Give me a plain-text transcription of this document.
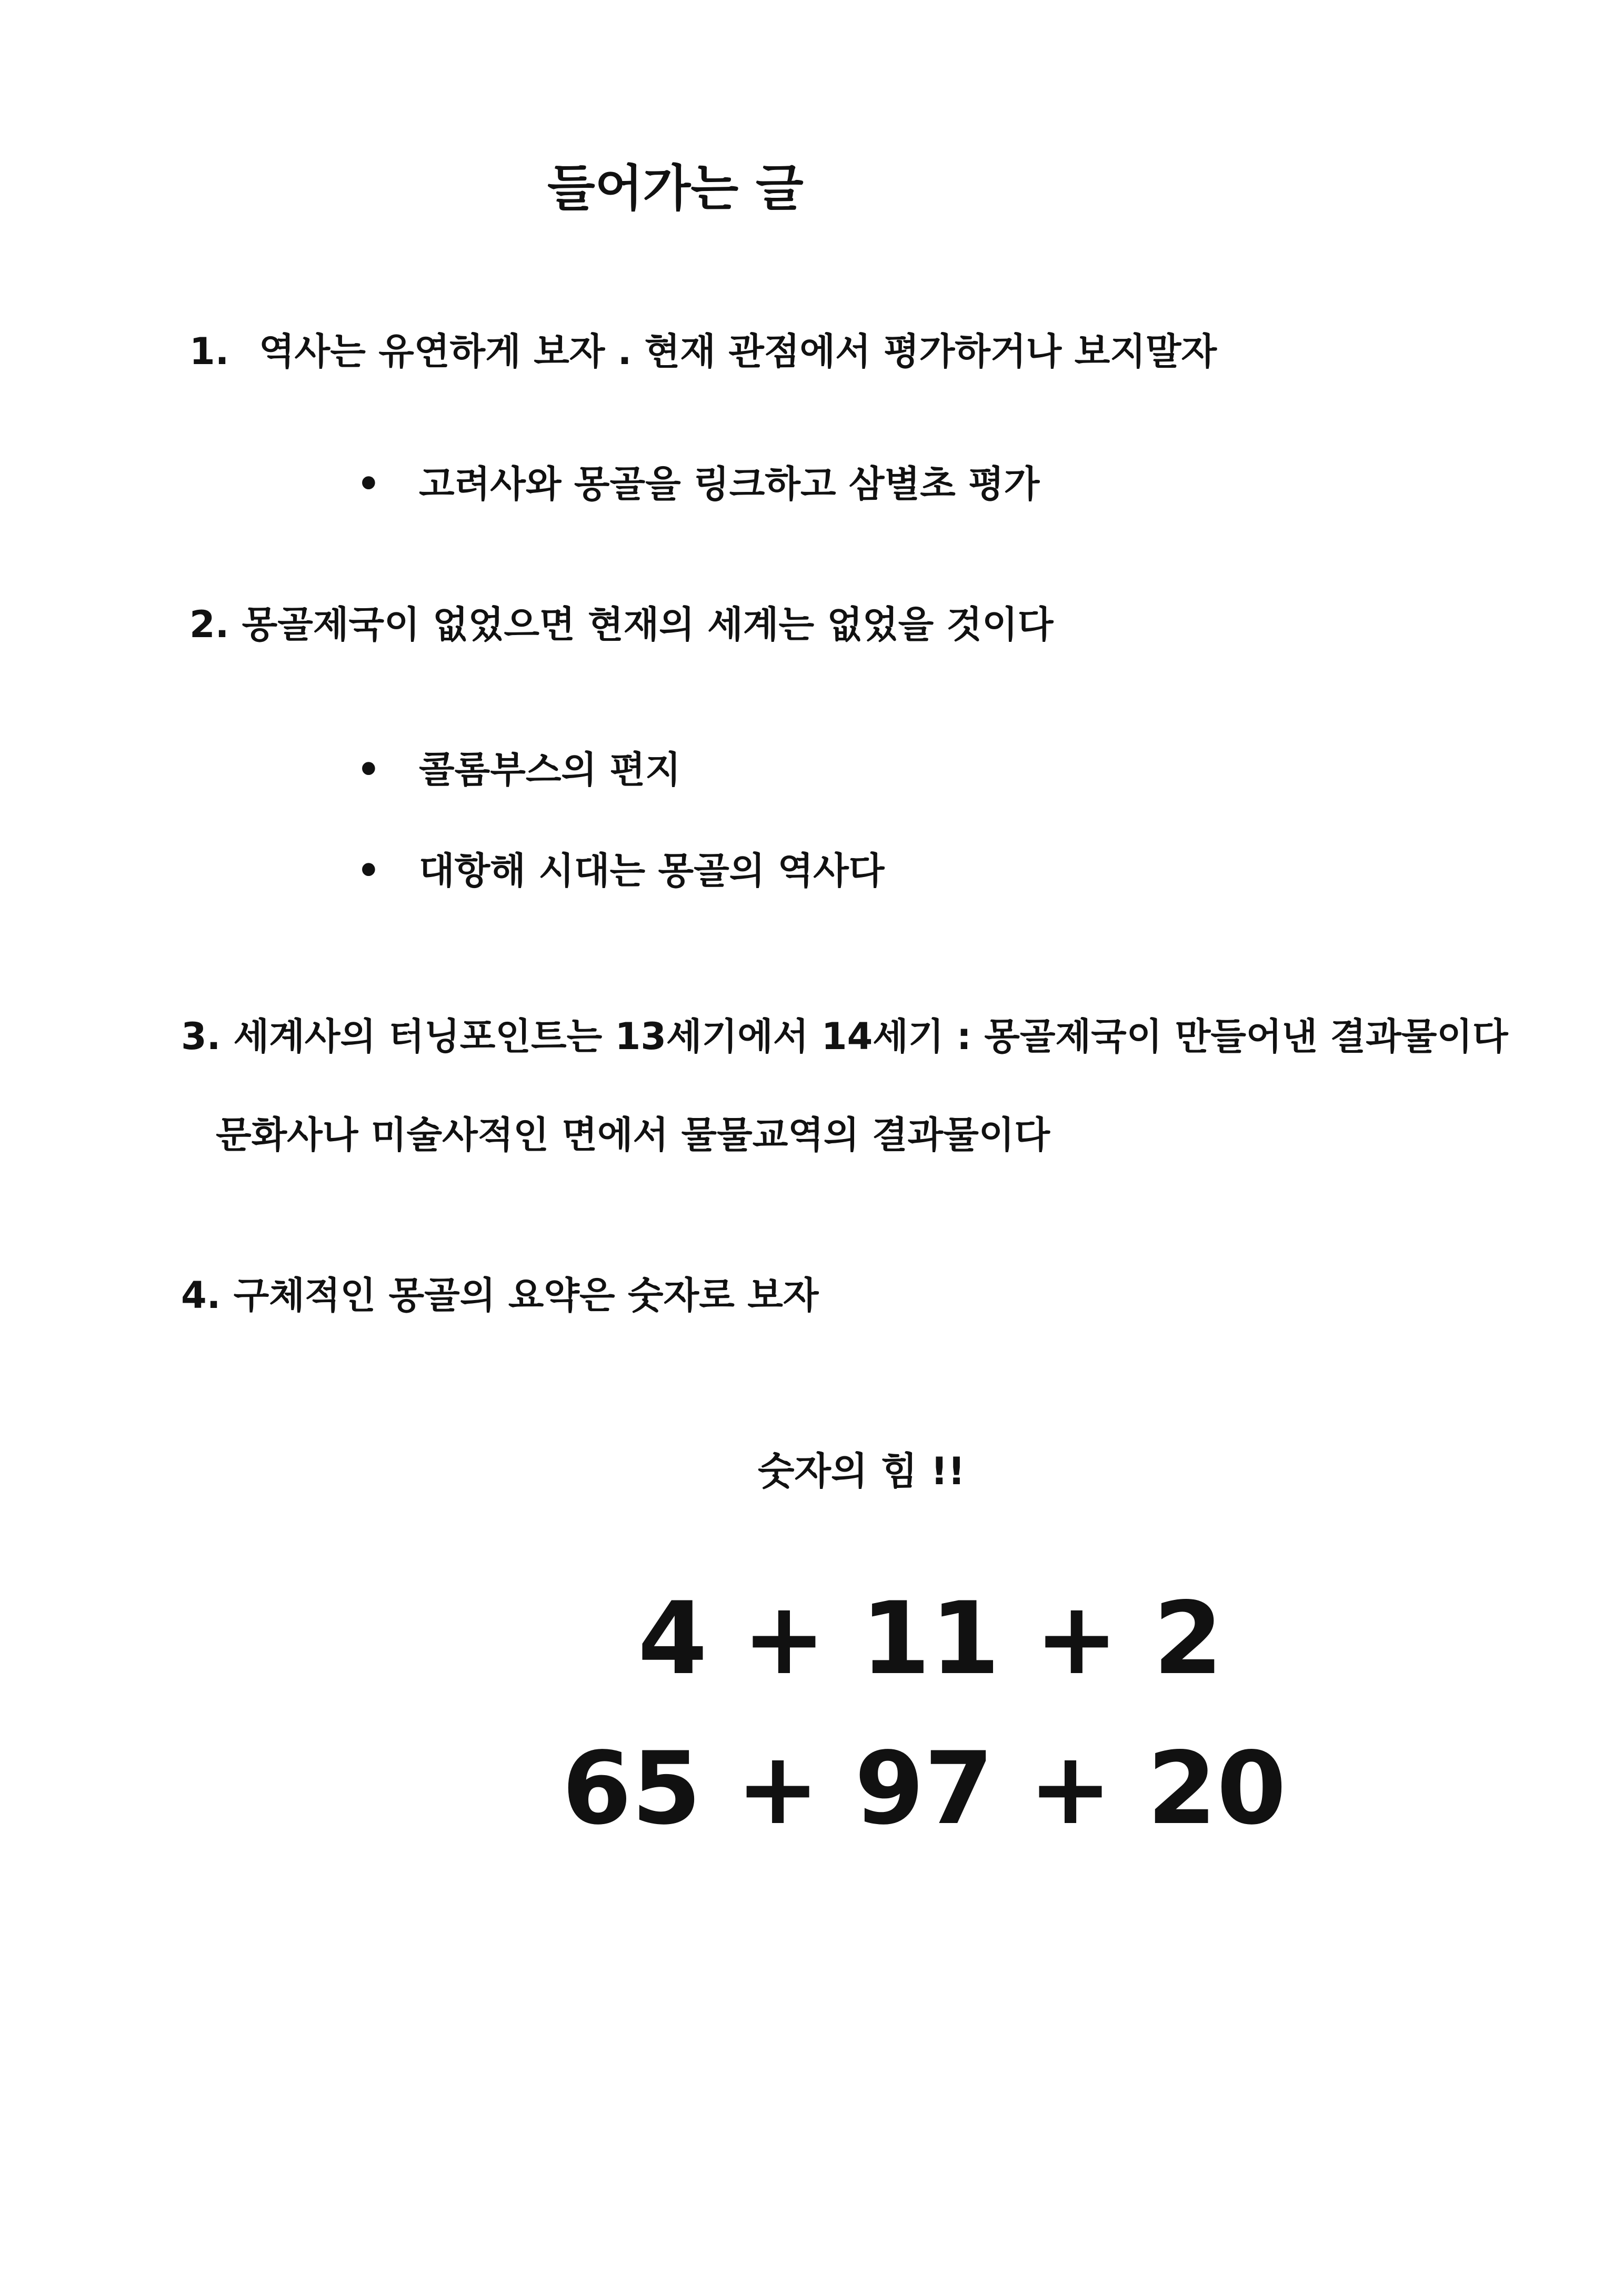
들어가는 글
1. 역사는 유연하게 보자 . 현재 관점에서 평가하거나 보지말자
• 고려사와 몽골을 링크하고 삼별초 평가
2. 몽골제국이 없었으면 현재의 세계는 없었을 것이다
• 콜롬부스의 편지
• 대항해 시대는 몽골의 역사다
3. 세계사의 터닝포인트는 13세기에서 14세기 : 몽골제국이 만들어낸 결과물이다
문화사나 미술사적인 면에서 물물교역의 결과물이다
4. 구체적인 몽골의 요약은 숫자로 보자
숫자의 힘 !!
4 + 11 + 2
65 + 97 + 20
